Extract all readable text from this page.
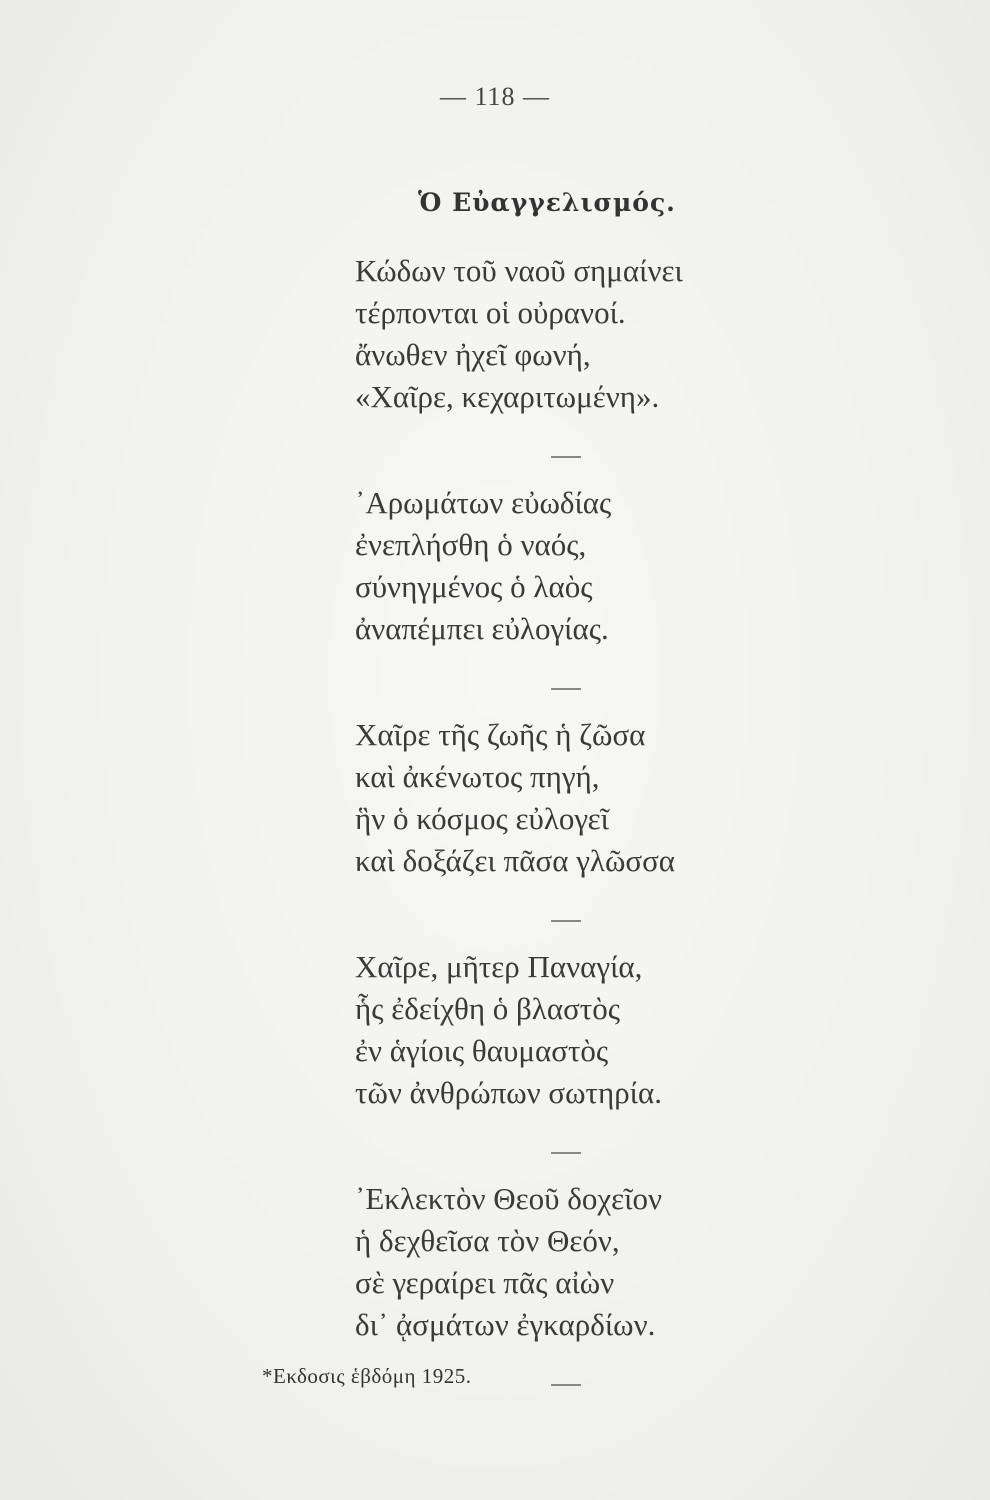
— 118 —
Ὁ Εὐαγγελισμός.
Κώδων τοῦ ναοῦ σημαίνει
τέρπονται οἱ οὐρανοί.
ἄνωθεν ἠχεῖ φωνή,
«Χαῖρε, κεχαριτωμένη».
᾿Αρωμάτων εὐωδίας
ἐνεπλήσθη ὁ ναός,
σύνηγμένος ὁ λαὸς
ἀναπέμπει εὐλογίας.
Χαῖρε τῆς ζωῆς ἡ ζῶσα
καὶ ἀκένωτος πηγή,
ἣν ὁ κόσμος εὐλογεῖ
καὶ δοξάζει πᾶσα γλῶσσα
Χαῖρε, μῆτερ Παναγία,
ἧς ἐδείχθη ὁ βλαστὸς
ἐν ἁγίοις θαυμαστὸς
τῶν ἀνθρώπων σωτηρία.
᾿Εκλεκτὸν Θεοῦ δοχεῖον
ἡ δεχθεῖσα τὸν Θεόν,
σὲ γεραίρει πᾶς αἰὼν
δι᾿ ᾀσμάτων ἐγκαρδίων.
*Εκδοσις ἑβδόμη 1925.
